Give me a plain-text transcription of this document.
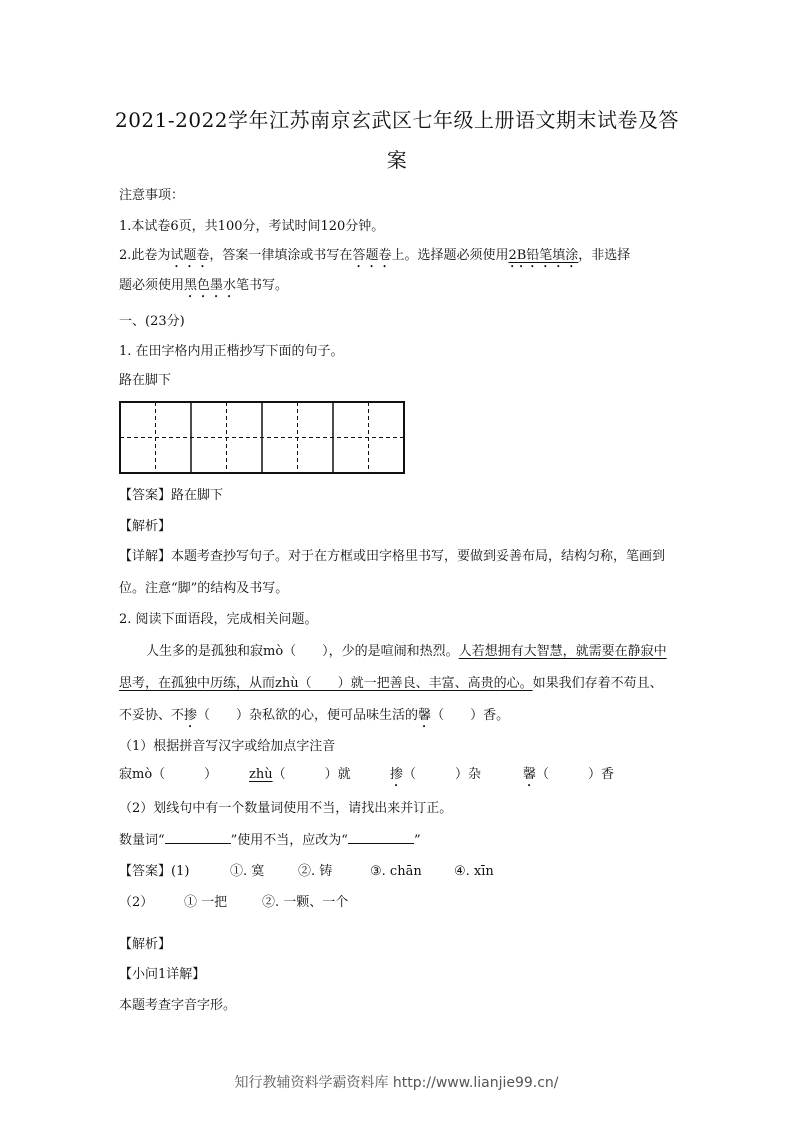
2021-2022学年江苏南京玄武区七年级上册语文期末试卷及答案
注意事项：
1.本试卷6页，共100分，考试时间120分钟。
2.此卷为试题卷，答案一律填涂或书写在答题卷上。选择题必须使用2B铅笔填涂，非选择
题必须使用黑色墨水笔书写。
一、(23分)
1. 在田字格内用正楷抄写下面的句子。
路在脚下
【答案】路在脚下
【解析】
【详解】本题考查抄写句子。对于在方框或田字格里书写，要做到妥善布局，结构匀称，笔画到位。注意“脚”的结构及书写。
2. 阅读下面语段，完成相关问题。
人生多的是孤独和寂mò（　　），少的是喧闹和热烈。人若想拥有大智慧，就需要在静寂中思考，在孤独中历练，从而zhù（　　）就一把善良、丰富、高贵的心。如果我们存着不苟且、不妥协、不掺（　　）杂私欲的心，便可品味生活的馨（　　）香。
（1）根据拼音写汉字或给加点字注音
寂mò（　　　） zhù（　　　）就	掺（　　　）杂	馨（　　　）香
（2）划线句中有一个数量词使用不当，请找出来并订正。
数量词“	”使用不当，应改为“	”
【答案】(1)	①. 寞	②. 铸	③. chān ④. xīn
（2） ① 一把	②. 一颗、一个
【解析】
【小问1详解】
本题考查字音字形。
知行教辅资料学霸资料库 http://www.lianjie99.cn/
